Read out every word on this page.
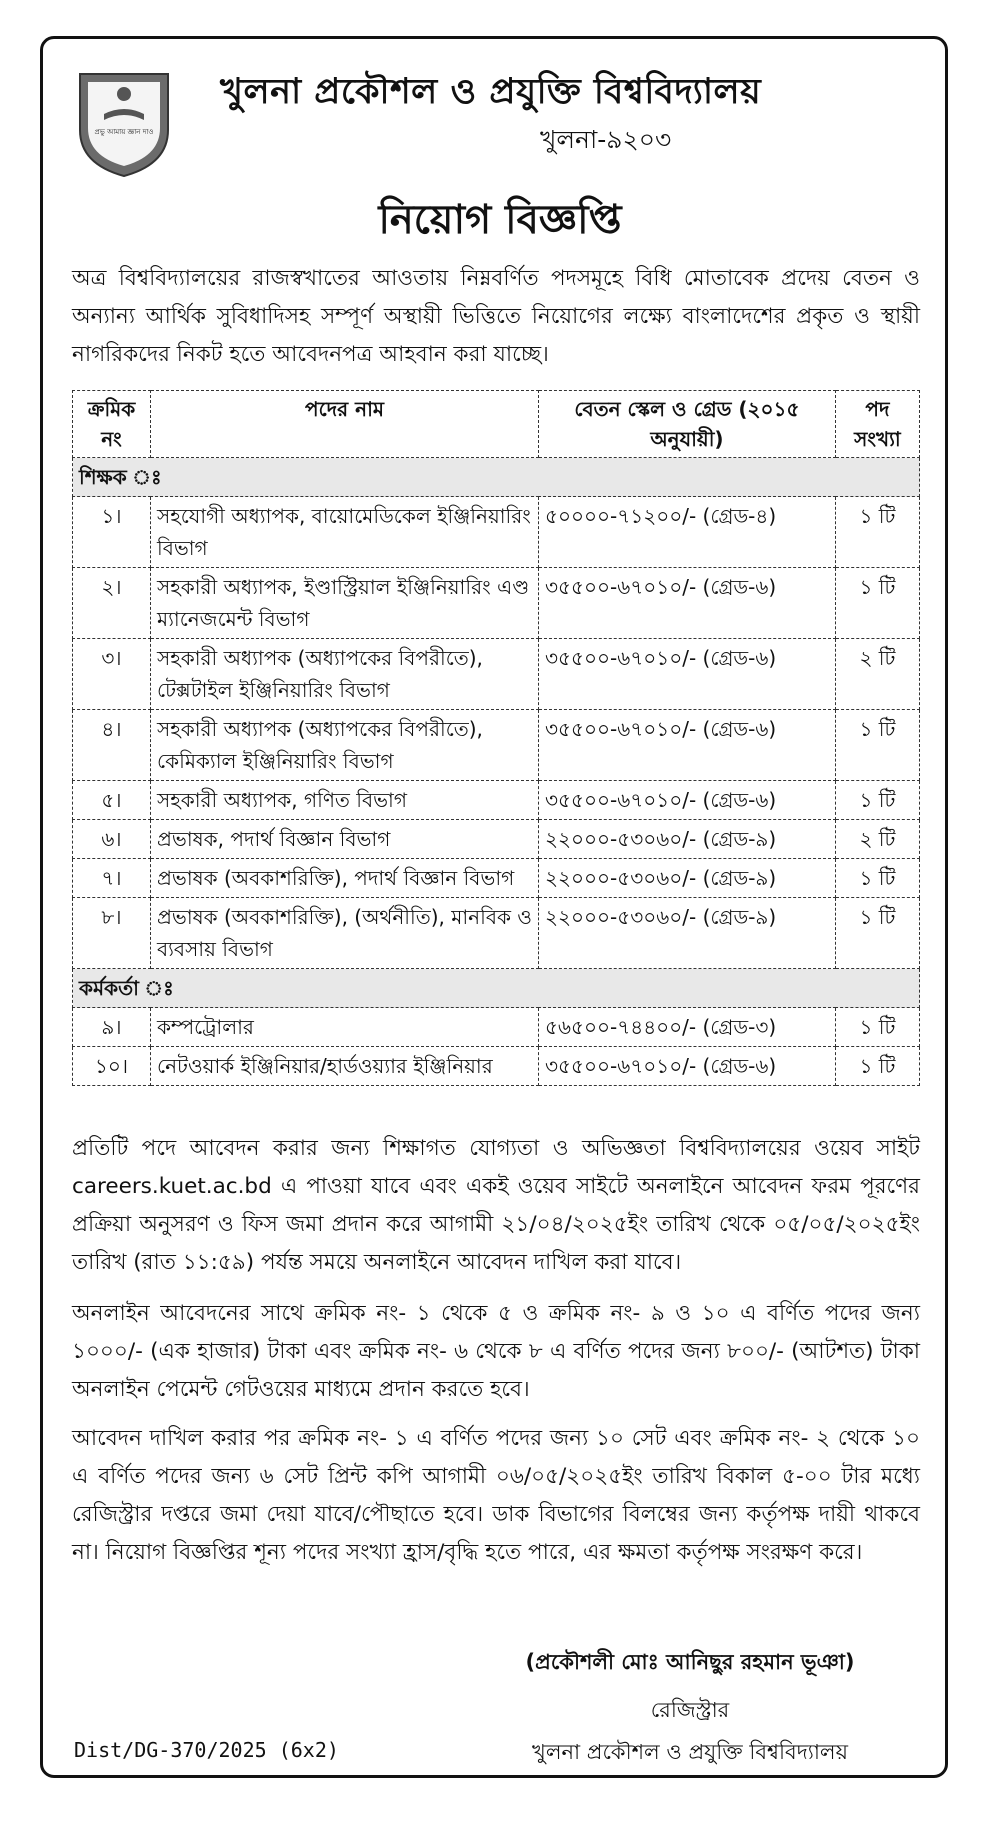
প্রভু আমায় জ্ঞান দাও
খুলনা প্রকৌশল ও প্রযুক্তি বিশ্ববিদ্যালয়
খুলনা-৯২০৩
নিয়োগ বিজ্ঞপ্তি
অত্র বিশ্ববিদ্যালয়ের রাজস্বখাতের আওতায় নিম্নবর্ণিত পদসমূহে বিধি মোতাবেক প্রদেয় বেতন ও অন্যান্য আর্থিক সুবিধাদিসহ সম্পূর্ণ অস্থায়ী ভিত্তিতে নিয়োগের লক্ষ্যে বাংলাদেশের প্রকৃত ও স্থায়ী নাগরিকদের নিকট হতে আবেদনপত্র আহবান করা যাচ্ছে।
ক্রমিক নং	পদের নাম	বেতন স্কেল ও গ্রেড (২০১৫ অনুযায়ী)	পদ সংখ্যা
শিক্ষক ঃ			
১।	সহযোগী অধ্যাপক, বায়োমেডিকেল ইঞ্জিনিয়ারিং বিভাগ	৫০০০০-৭১২০০/- (গ্রেড-৪)	১ টি
২।	সহকারী অধ্যাপক, ইণ্ডাস্ট্রিয়াল ইঞ্জিনিয়ারিং এণ্ড ম্যানেজমেন্ট বিভাগ	৩৫৫০০-৬৭০১০/- (গ্রেড-৬)	১ টি
৩।	সহকারী অধ্যাপক (অধ্যাপকের বিপরীতে), টেক্সটাইল ইঞ্জিনিয়ারিং বিভাগ	৩৫৫০০-৬৭০১০/- (গ্রেড-৬)	২ টি
৪।	সহকারী অধ্যাপক (অধ্যাপকের বিপরীতে), কেমিক্যাল ইঞ্জিনিয়ারিং বিভাগ	৩৫৫০০-৬৭০১০/- (গ্রেড-৬)	১ টি
৫।	সহকারী অধ্যাপক, গণিত বিভাগ	৩৫৫০০-৬৭০১০/- (গ্রেড-৬)	১ টি
৬।	প্রভাষক, পদার্থ বিজ্ঞান বিভাগ	২২০০০-৫৩০৬০/- (গ্রেড-৯)	২ টি
৭।	প্রভাষক (অবকাশরিক্তি), পদার্থ বিজ্ঞান বিভাগ	২২০০০-৫৩০৬০/- (গ্রেড-৯)	১ টি
৮।	প্রভাষক (অবকাশরিক্তি), (অর্থনীতি), মানবিক ও ব্যবসায় বিভাগ	২২০০০-৫৩০৬০/- (গ্রেড-৯)	১ টি
কর্মকর্তা ঃ			
৯।	কম্পট্রোলার	৫৬৫০০-৭৪৪০০/- (গ্রেড-৩)	১ টি
১০।	নেটওয়ার্ক ইঞ্জিনিয়ার/হার্ডওয়্যার ইঞ্জিনিয়ার	৩৫৫০০-৬৭০১০/- (গ্রেড-৬)	১ টি
প্রতিটি পদে আবেদন করার জন্য শিক্ষাগত যোগ্যতা ও অভিজ্ঞতা বিশ্ববিদ্যালয়ের ওয়েব সাইট careers.kuet.ac.bd এ পাওয়া যাবে এবং একই ওয়েব সাইটে অনলাইনে আবেদন ফরম পূরণের প্রক্রিয়া অনুসরণ ও ফিস জমা প্রদান করে আগামী ২১/০৪/২০২৫ইং তারিখ থেকে ০৫/০৫/২০২৫ইং তারিখ (রাত ১১:৫৯) পর্যন্ত সময়ে অনলাইনে আবেদন দাখিল করা যাবে।
অনলাইন আবেদনের সাথে ক্রমিক নং- ১ থেকে ৫ ও ক্রমিক নং- ৯ ও ১০ এ বর্ণিত পদের জন্য ১০০০/- (এক হাজার) টাকা এবং ক্রমিক নং- ৬ থেকে ৮ এ বর্ণিত পদের জন্য ৮০০/- (আটশত) টাকা অনলাইন পেমেন্ট গেটওয়ের মাধ্যমে প্রদান করতে হবে।
আবেদন দাখিল করার পর ক্রমিক নং- ১ এ বর্ণিত পদের জন্য ১০ সেট এবং ক্রমিক নং- ২ থেকে ১০ এ বর্ণিত পদের জন্য ৬ সেট প্রিন্ট কপি আগামী ০৬/০৫/২০২৫ইং তারিখ বিকাল ৫-০০ টার মধ্যে রেজিস্ট্রার দপ্তরে জমা দেয়া যাবে/পৌছাতে হবে। ডাক বিভাগের বিলম্বের জন্য কর্তৃপক্ষ দায়ী থাকবে না। নিয়োগ বিজ্ঞপ্তির শূন্য পদের সংখ্যা হ্রাস/বৃদ্ধি হতে পারে, এর ক্ষমতা কর্তৃপক্ষ সংরক্ষণ করে।
(প্রকৌশলী মোঃ আনিছুর রহমান ভূঞা)
রেজিস্ট্রার
খুলনা প্রকৌশল ও প্রযুক্তি বিশ্ববিদ্যালয়
Dist/DG-370/2025 (6x2)
